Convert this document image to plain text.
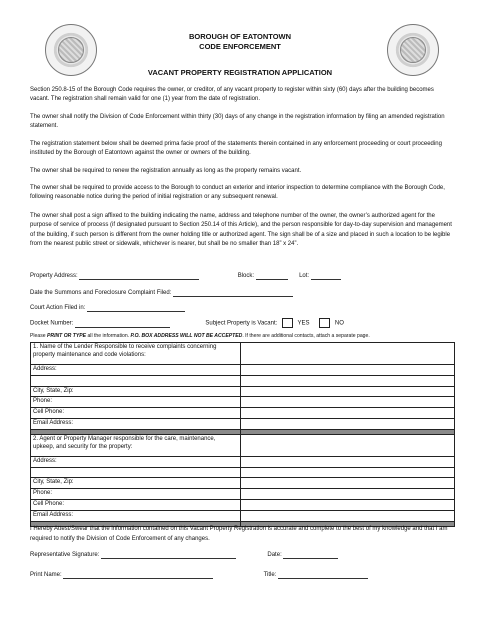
BOROUGH OF EATONTOWN
CODE ENFORCEMENT
VACANT PROPERTY REGISTRATION APPLICATION
Section 250.8-15 of the Borough Code requires the owner, or creditor, of any vacant property to register within sixty (60) days after the building becomes vacant. The registration shall remain valid for one (1) year from the date of registration.
The owner shall notify the Division of Code Enforcement within thirty (30) days of any change in the registration information by filing an amended registration statement.
The registration statement below shall be deemed prima facie proof of the statements therein contained in any enforcement proceeding or court proceeding instituted by the Borough of Eatontown against the owner or owners of the building.
The owner shall be required to renew the registration annually as long as the property remains vacant.
The owner shall be required to provide access to the Borough to conduct an exterior and interior inspection to determine compliance with the Borough Code, following reasonable notice during the period of initial registration or any subsequent renewal.
The owner shall post a sign affixed to the building indicating the name, address and telephone number of the owner, the owner’s authorized agent for the purpose of service of process (if designated pursuant to Section 250.14 of this Article), and the person responsible for day-to-day supervision and management of the building, if such person is different from the owner holding title or authorized agent. The sign shall be of a size and placed in such a location to be legible from the nearest public street or sidewalk, whichever is nearer, but shall be no smaller than 18” x 24”.
Property Address:	Block:	Lot:
Date the Summons and Foreclosure Complaint Filed:
Court Action Filed in:
Docket Number:	Subject Property is Vacant:	YES	NO
Please PRINT OR TYPE all the information. P.O. BOX ADDRESS WILL NOT BE ACCEPTED. If there are additional contacts, attach a separate page.
1. Name of the Lender Responsible to receive complaints concerning property maintenance and code violations:	
Address:	

City, State, Zip:	
Phone:	
Cell Phone:	
Email Address:	

2. Agent or Property Manager responsible for the care, maintenance, upkeep, and security for the property:	
Address:	

City, State, Zip:	
Phone:	
Cell Phone:	
Email Address:	

I Hereby Attest/Swear that the information contained on this Vacant Property Registration is accurate and complete to the best of my knowledge and that I am required to notify the Division of Code Enforcement of any changes.
Representative Signature:	Date:
Print Name:	Title:
